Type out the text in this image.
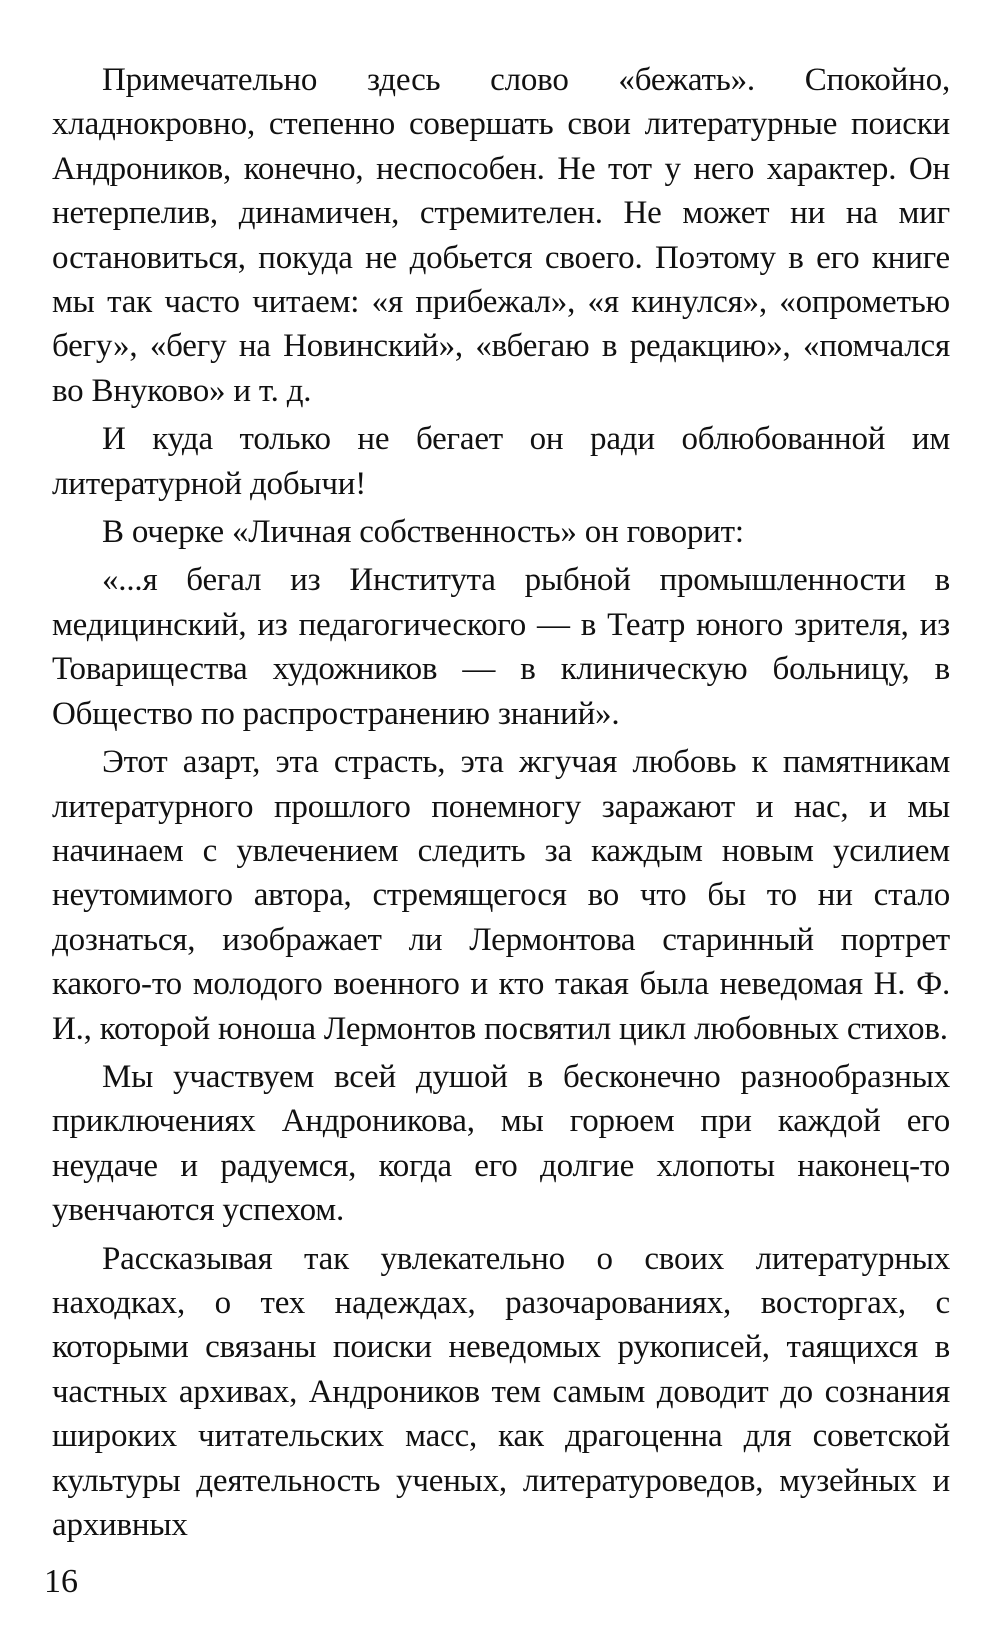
Примечательно здесь слово «бежать». Спокойно, хладнокровно, степенно совершать свои литературные поиски Андроников, конечно, неспособен. Не тот у него характер. Он нетерпелив, динамичен, стремителен. Не может ни на миг остановиться, покуда не добьется своего. Поэтому в его книге мы так часто читаем: «я прибежал», «я кинулся», «опрометью бегу», «бегу на Новинский», «вбегаю в редакцию», «помчался во Внуково» и т. д.

И куда только не бегает он ради облюбованной им литературной добычи!

В очерке «Личная собственность» он говорит:

«...я бегал из Института рыбной промышленности в медицинский, из педагогического — в Театр юного зрителя, из Товарищества художников — в клиническую больницу, в Общество по распространению знаний».

Этот азарт, эта страсть, эта жгучая любовь к памятникам литературного прошлого понемногу заражают и нас, и мы начинаем с увлечением следить за каждым новым усилием неутомимого автора, стремящегося во что бы то ни стало дознаться, изображает ли Лермонтова старинный портрет какого-то молодого военного и кто такая была неведомая Н. Ф. И., которой юноша Лермонтов посвятил цикл любовных стихов.

Мы участвуем всей душой в бесконечно разнообразных приключениях Андроникова, мы горюем при каждой его неудаче и радуемся, когда его долгие хлопоты наконец-то увенчаются успехом.

Рассказывая так увлекательно о своих литературных находках, о тех надеждах, разочарованиях, восторгах, с которыми связаны поиски неведомых рукописей, таящихся в частных архивах, Андроников тем самым доводит до сознания широких читательских масс, как драгоценна для советской культуры деятельность ученых, литературоведов, музейных и архивных

16
